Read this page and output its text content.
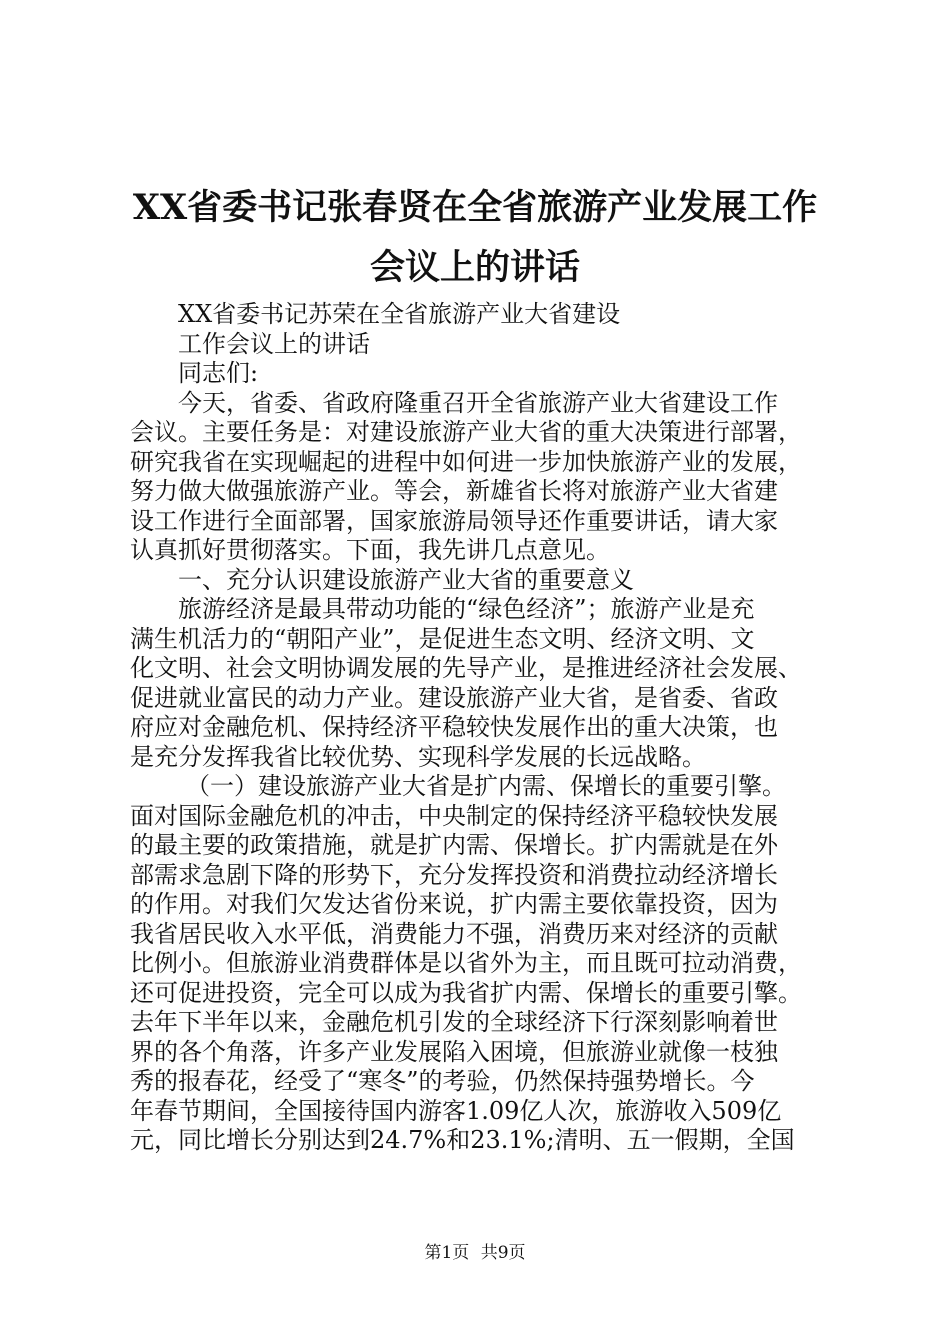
XX省委书记张春贤在全省旅游产业发展工作
会议上的讲话
XX省委书记苏荣在全省旅游产业大省建设
工作会议上的讲话
同志们:
今天，省委、省政府隆重召开全省旅游产业大省建设工作
会议。主要任务是：对建设旅游产业大省的重大决策进行部署，
研究我省在实现崛起的进程中如何进一步加快旅游产业的发展，
努力做大做强旅游产业。等会，新雄省长将对旅游产业大省建
设工作进行全面部署，国家旅游局领导还作重要讲话，请大家
认真抓好贯彻落实。下面，我先讲几点意见。
一、充分认识建设旅游产业大省的重要意义
旅游经济是最具带动功能的“绿色经济”；旅游产业是充
满生机活力的“朝阳产业”，是促进生态文明、经济文明、文
化文明、社会文明协调发展的先导产业，是推进经济社会发展、
促进就业富民的动力产业。建设旅游产业大省，是省委、省政
府应对金融危机、保持经济平稳较快发展作出的重大决策，也
是充分发挥我省比较优势、实现科学发展的长远战略。
（一）建设旅游产业大省是扩内需、保增长的重要引擎。
面对国际金融危机的冲击，中央制定的保持经济平稳较快发展
的最主要的政策措施，就是扩内需、保增长。扩内需就是在外
部需求急剧下降的形势下，充分发挥投资和消费拉动经济增长
的作用。对我们欠发达省份来说，扩内需主要依靠投资，因为
我省居民收入水平低，消费能力不强，消费历来对经济的贡献
比例小。但旅游业消费群体是以省外为主，而且既可拉动消费，
还可促进投资，完全可以成为我省扩内需、保增长的重要引擎。
去年下半年以来，金融危机引发的全球经济下行深刻影响着世
界的各个角落，许多产业发展陷入困境，但旅游业就像一枝独
秀的报春花，经受了“寒冬”的考验，仍然保持强势增长。今
年春节期间，全国接待国内游客1.09亿人次，旅游收入509亿
元，同比增长分别达到24.7%和23.1%;清明、五一假期，全国
第1页 共9页
